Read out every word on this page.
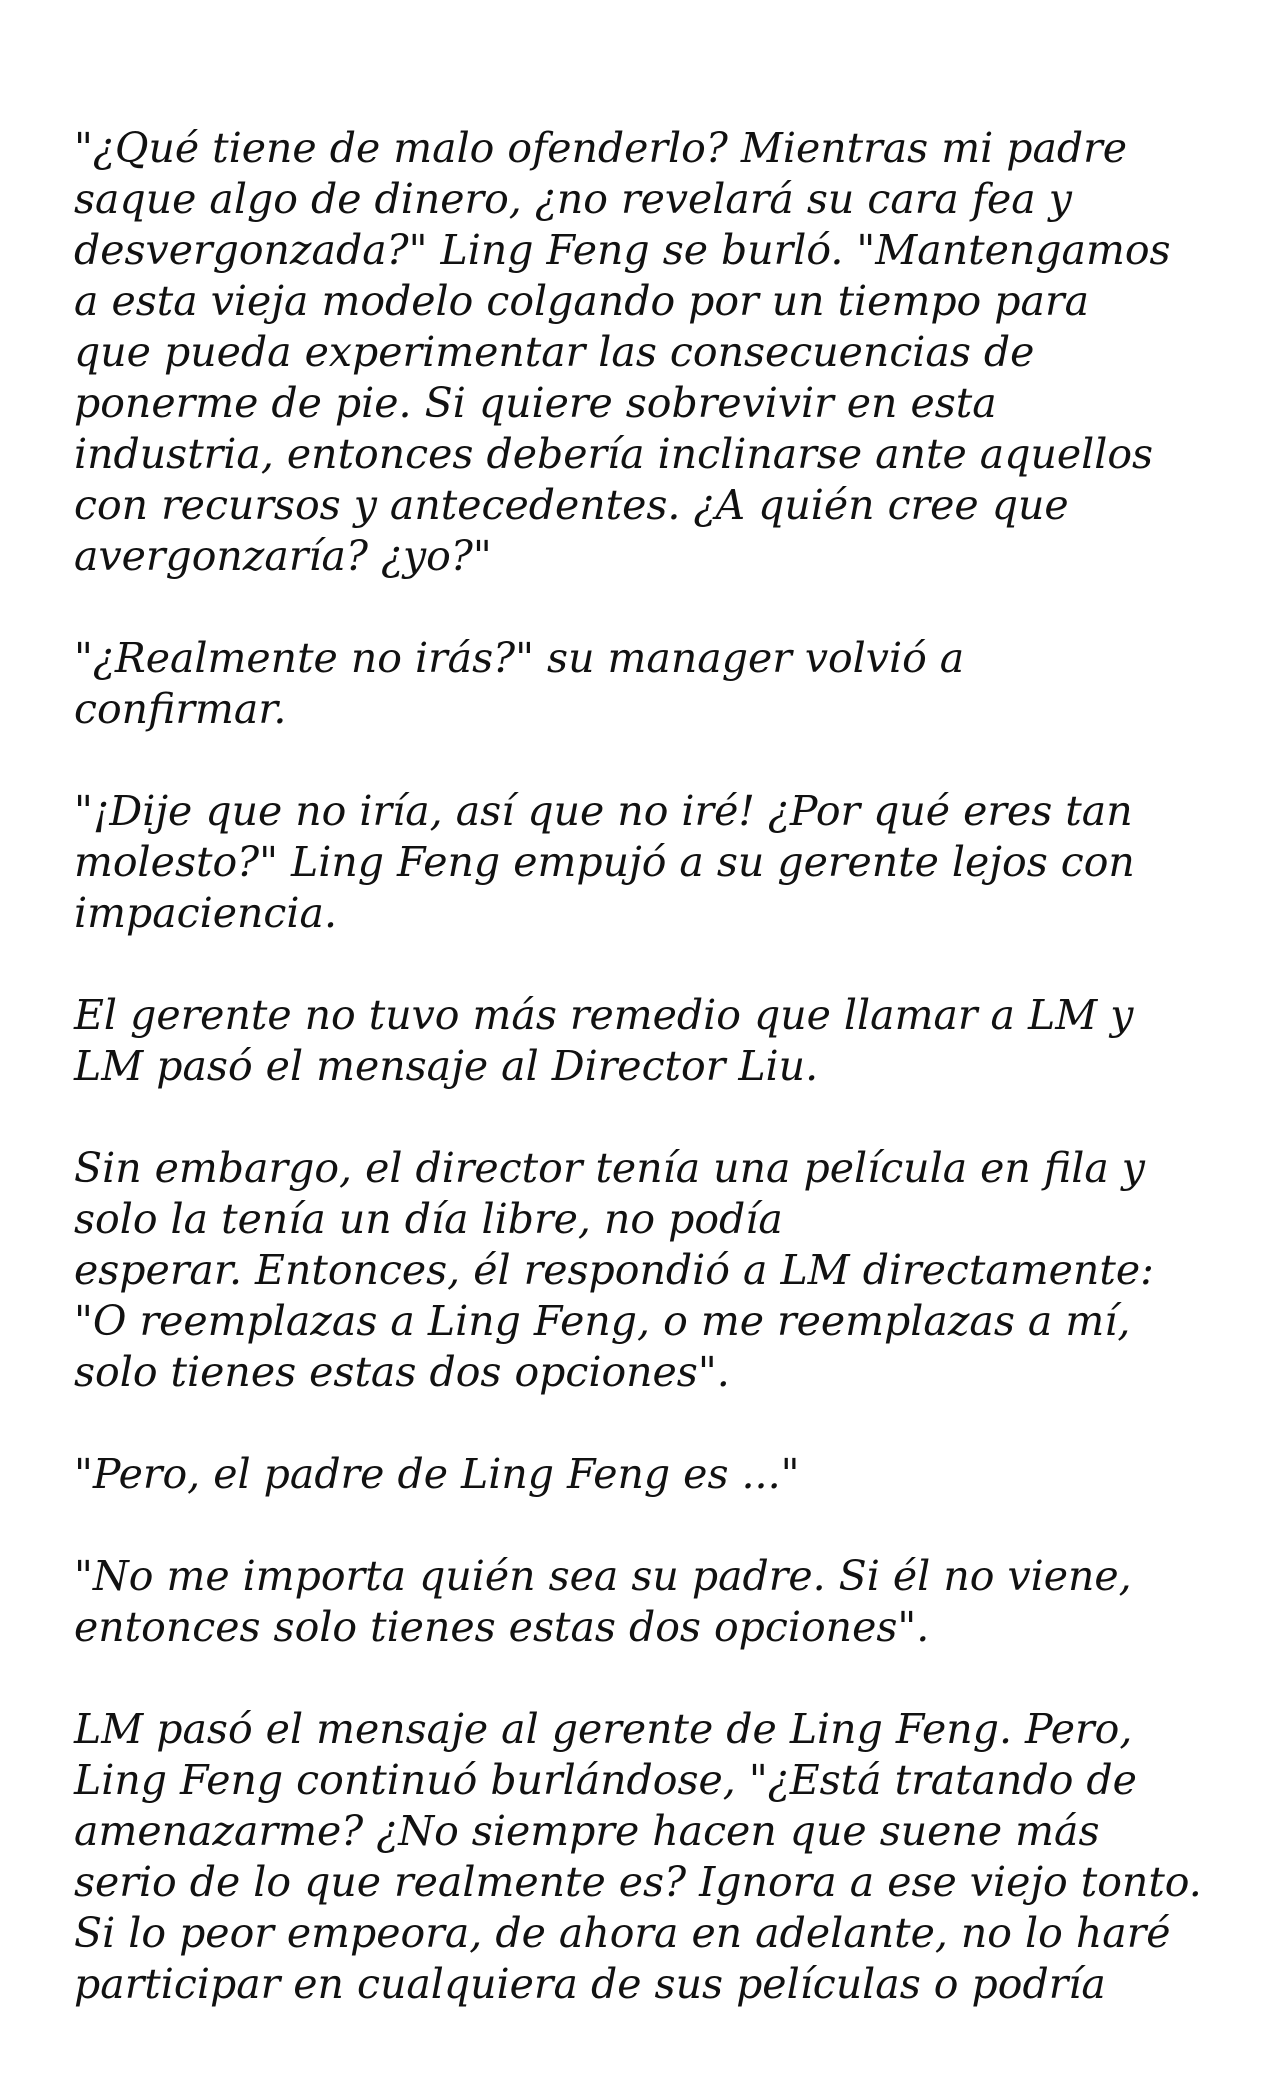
"¿Qué tiene de malo ofenderlo? Mientras mi padre
saque algo de dinero, ¿no revelará su cara fea y
desvergonzada?" Ling Feng se burló. "Mantengamos
a esta vieja modelo colgando por un tiempo para
que pueda experimentar las consecuencias de
ponerme de pie. Si quiere sobrevivir en esta
industria, entonces debería inclinarse ante aquellos
con recursos y antecedentes. ¿A quién cree que
avergonzaría? ¿yo?"

"¿Realmente no irás?" su manager volvió a
confirmar.

"¡Dije que no iría, así que no iré! ¿Por qué eres tan
molesto?" Ling Feng empujó a su gerente lejos con
impaciencia.

El gerente no tuvo más remedio que llamar a LM y
LM pasó el mensaje al Director Liu.

Sin embargo, el director tenía una película en fila y
solo la tenía un día libre, no podía
esperar. Entonces, él respondió a LM directamente:
"O reemplazas a Ling Feng, o me reemplazas a mí,
solo tienes estas dos opciones".

"Pero, el padre de Ling Feng es ..."

"No me importa quién sea su padre. Si él no viene,
entonces solo tienes estas dos opciones".

LM pasó el mensaje al gerente de Ling Feng. Pero,
Ling Feng continuó burlándose, "¿Está tratando de
amenazarme? ¿No siempre hacen que suene más
serio de lo que realmente es? Ignora a ese viejo tonto.
Si lo peor empeora, de ahora en adelante, no lo haré
participar en cualquiera de sus películas o podría
